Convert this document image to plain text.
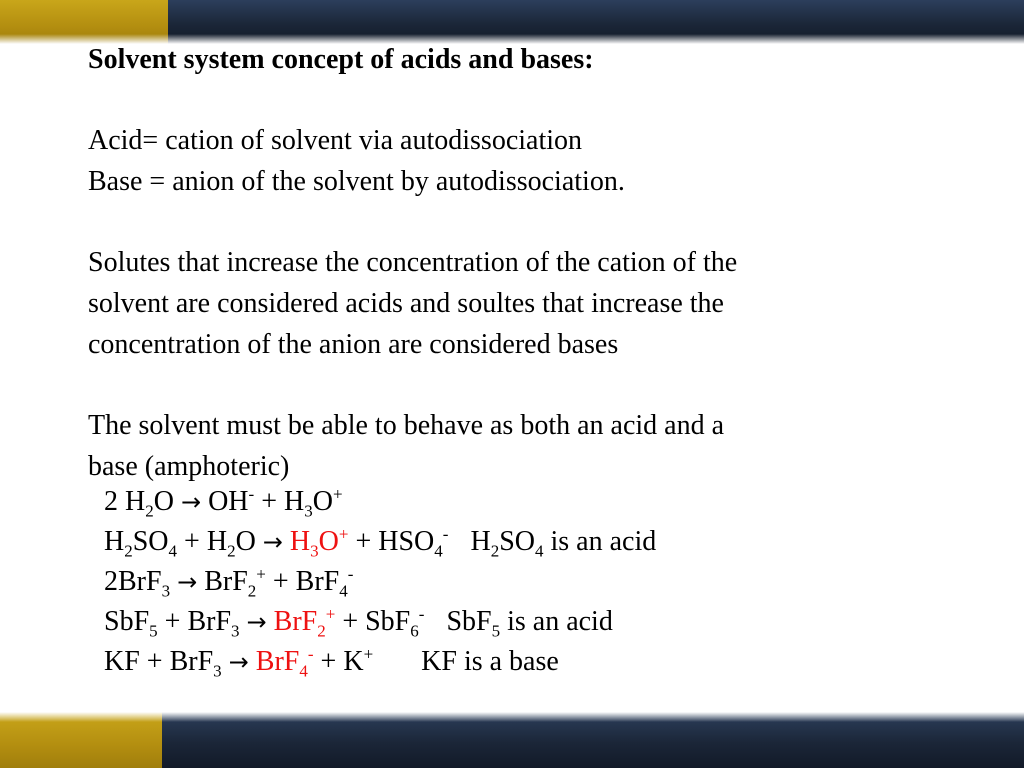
Solvent system concept of acids and bases:

Acid= cation of solvent via autodissociation

Base = anion of the solvent by autodissociation.

Solutes that increase the concentration of the cation of the

solvent are considered acids and soultes that increase the

concentration of the anion are considered bases

The solvent must be able to behave as both an acid and a

base (amphoteric)

2 $H_2O \to OH^- + H_3O^+$
$H_2SO_4 + H_2O \to H_3O^+ + HSO_4^-$ $H_2SO_4$ is an acid
2BrF$_3$ → BrF$_2$+ + BrF$_4$-
SbF$_5$ + BrF$_3$ → BrF$_2$+ + SbF$_6$- SbF$_5$ is an acid
KF + BrF$_3$ → BrF$_4$- + K+ KF is a base
